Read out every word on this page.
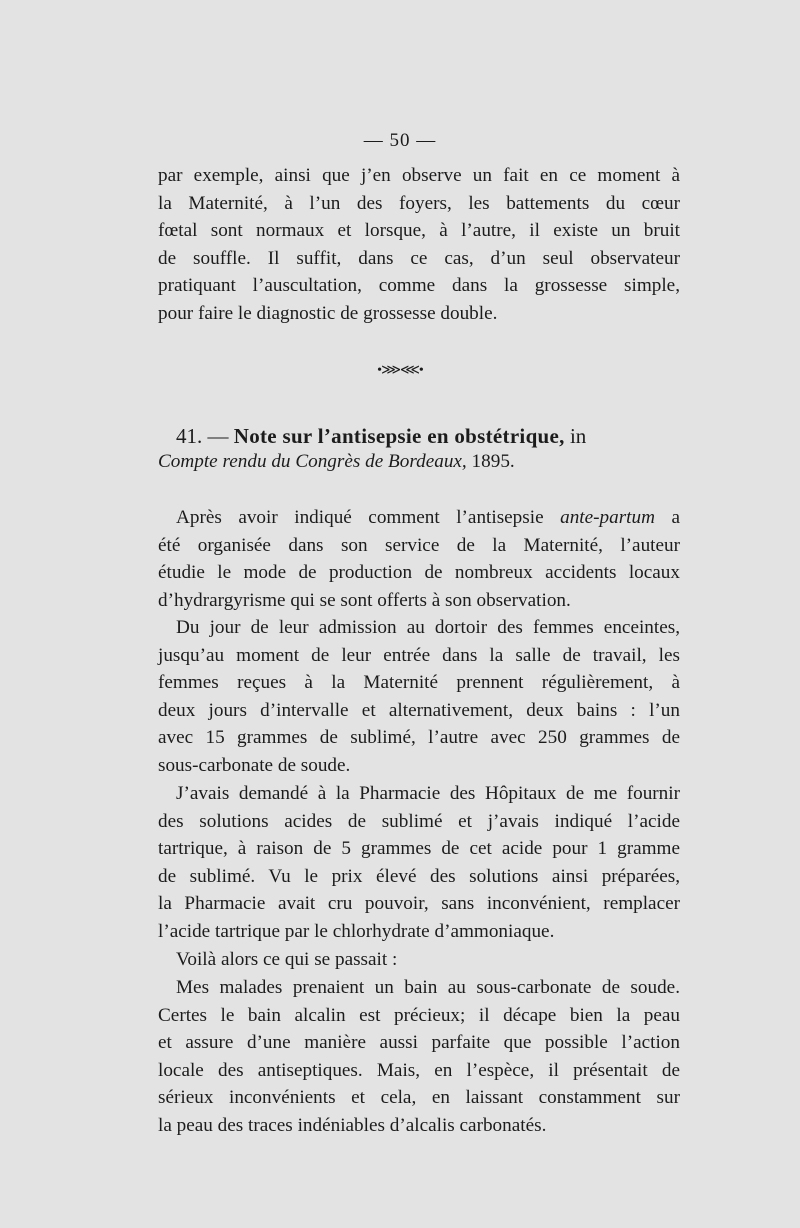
— 50 —
par exemple, ainsi que j’en observe un fait en ce moment à
la Maternité, à l’un des foyers, les battements du cœur
fœtal sont normaux et lorsque, à l’autre, il existe un bruit
de souffle. Il suffit, dans ce cas, d’un seul observateur
pratiquant l’auscultation, comme dans la grossesse simple,
pour faire le diagnostic de grossesse double.
•⋙⋘•
41. — Note sur l’antisepsie en obstétrique, in
Compte rendu du Congrès de Bordeaux, 1895.
Après avoir indiqué comment l’antisepsie ante-partum a
été organisée dans son service de la Maternité, l’auteur
étudie le mode de production de nombreux accidents locaux
d’hydrargyrisme qui se sont offerts à son observation.
Du jour de leur admission au dortoir des femmes enceintes,
jusqu’au moment de leur entrée dans la salle de travail, les
femmes reçues à la Maternité prennent régulièrement, à
deux jours d’intervalle et alternativement, deux bains : l’un
avec 15 grammes de sublimé, l’autre avec 250 grammes de
sous-carbonate de soude.
J’avais demandé à la Pharmacie des Hôpitaux de me fournir
des solutions acides de sublimé et j’avais indiqué l’acide
tartrique, à raison de 5 grammes de cet acide pour 1 gramme
de sublimé. Vu le prix élevé des solutions ainsi préparées,
la Pharmacie avait cru pouvoir, sans inconvénient, remplacer
l’acide tartrique par le chlorhydrate d’ammoniaque.
Voilà alors ce qui se passait :
Mes malades prenaient un bain au sous-carbonate de soude.
Certes le bain alcalin est précieux; il décape bien la peau
et assure d’une manière aussi parfaite que possible l’action
locale des antiseptiques. Mais, en l’espèce, il présentait de
sérieux inconvénients et cela, en laissant constamment sur
la peau des traces indéniables d’alcalis carbonatés.
